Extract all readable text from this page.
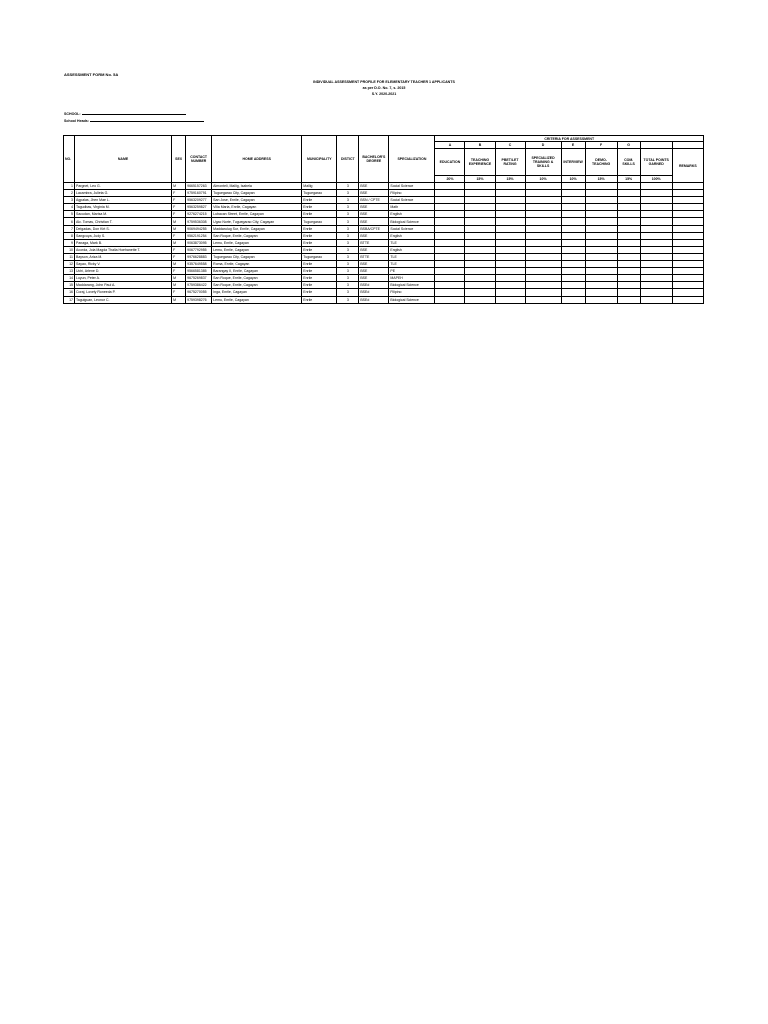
ASSESSMENT FORM No. 5A
INDIVIDUAL ASSESSMENT PROFILE FOR ELEMENTARY TEACHER 1 APPLICANTS
as per D.O. No. 7, s. 2015
S.Y. 2020-2021
SCHOOL:
School Heads:
NO.	NAME	SEX	CONTACT NUMBER	HOME ADDRESS	MUNICIPALITY	DISTICT	BACHELOR'S DEGREE	SPECIALIZATION	CRITERIA FOR ASSESSMENT								
									A	B	C	D	E	F	G		
									EDUCATION	TEACHING EXPERIENCE	PBET/LET RATING	SPECIALIZED TRAINING & SKILLS	INTERVIEW	DEMO-TEACHING	COM. SKILLS	TOTAL POINTS GARNED	REMARKS
									20%	15%	15%	10%	10%	15%	15%	100%	
1	Pargnet, Leo G.	M	9665157263	Almonteli, Mallig, Isabela	Mallig	3	BSE	Social Science									
2	Lacambra, Julieta G.	F	9759160791	Tuguegarao City, Cagayan	Tuguegarao	3	BSE	Filipino									
3	Agpalas, Jhen Mae L.	F	9563209277	San Jose, Enrile, Cagayan	Enrile	3	BSN / CPTE	Social Science									
4	Tagudbas, Virginia M.	F	9563259827	Villa Maria, Enrile, Cagayan	Enrile	3	BSE	Math									
5	Sacudan, Marisa M.	F	9276274215	Lubacan Street, Enrile, Cagayan	Enrile	3	BSE	English									
6	Alc. Tomas, Christian T.	M	9759536308	Ugac Norte, Tuguegarao City, Cagayan	Tuguegarao	3	BSE	Biological Science									
7	Delgadas, Don Kirt S.	M	9069494255	Maddarulug Sur, Enrile, Cagayan	Enrile	3	BSBA/CPTE	Social Science									
8	Sangcuya, Judy S.	F	9562191254	San Roque, Enrile, Cagayan	Enrile	3	BSE	English									
9	Panaga, Mark B.	M	9063873095	Lemu, Enrile, Cagayan	Enrile	3	BTTE	TLE									
10	Acorda, Joia Magda Thalia Hoehanette T.	F	9067792955	Lemu, Enrile, Cagayan	Enrile	3	BSE	English									
11	Bayson, Ariza M.	F	9976628883	Tuguegarao City, Cagayan	Tuguegarao	3	BTTE	TLE									
12	Sayao, Ricky V.	M	9357649558	Roma, Enrile, Cagayan	Enrile	3	BSE	TLE									
13	Uchi, Arlene D.	F	9566581385	Barangay II, Enrile, Cagayan	Enrile	3	BSE	PE									
14	Luyun, Peter A.	M	9675269837	San Roque, Enrile, Cagayan	Enrile	3	BSE	MAPEH									
15	Maddarang, John Paul A.	M	9759386422	San Roque, Enrile, Cagayan	Enrile	3	BSEd	Biological Science									
16	Coraj, Lovely Roneeda P.	F	9675270055	Inga, Enrile, Cagayan	Enrile	3	BSEd	Filipino									
17	Taguiguan, Leonor C.	M	9759398276	Lemu, Enrile, Cagayan	Enrile	3	BSEd	Biological Science									
